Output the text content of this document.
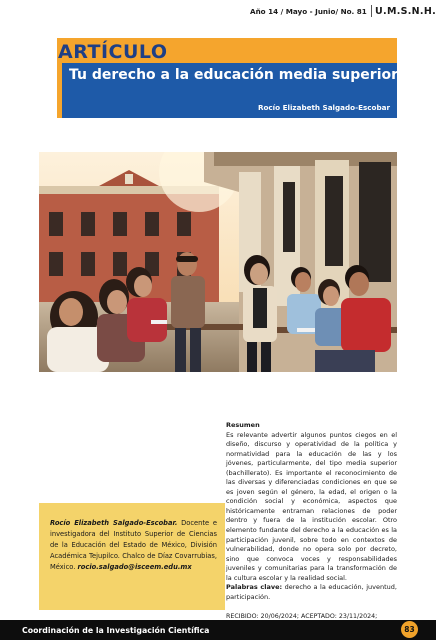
Año 14 / Mayo - Junio/ No. 81 U.M.S.N.H.
ARTÍCULO
Tu derecho a la educación media superior
Rocío Elizabeth Salgado-Escobar

Rocío Elizabeth Salgado-Escobar. Docente e investigadora del Instituto Superior de Ciencias de la Educación del Estado de México, División Académica Tejupilco. Chalco de Díaz Covarrubias, México. rocio.salgado@isceem.edu.mx

Resumen
Es relevante advertir algunos puntos ciegos en el diseño, discurso y operatividad de la política y normatividad para la educación de las y los jóvenes, particularmente, del tipo media superior (bachillerato). Es importante el reconocimiento de las diversas y diferenciadas condiciones en que se es joven según el género, la edad, el origen o la condición social y económica, aspectos que históricamente entraman relaciones de poder dentro y fuera de la institución escolar. Otro elemento fundante del derecho a la educación es la participación juvenil, sobre todo en contextos de vulnerabilidad, donde no opera solo por decreto, sino que convoca voces y responsabilidades juveniles y comunitarias para la transformación de la cultura escolar y la realidad social.
Palabras clave: derecho a la educación, juventud, participación.
RECIBIDO: 20/06/2024; ACEPTADO: 23/11/2024;

Coordinación de la Investigación Científica	83
